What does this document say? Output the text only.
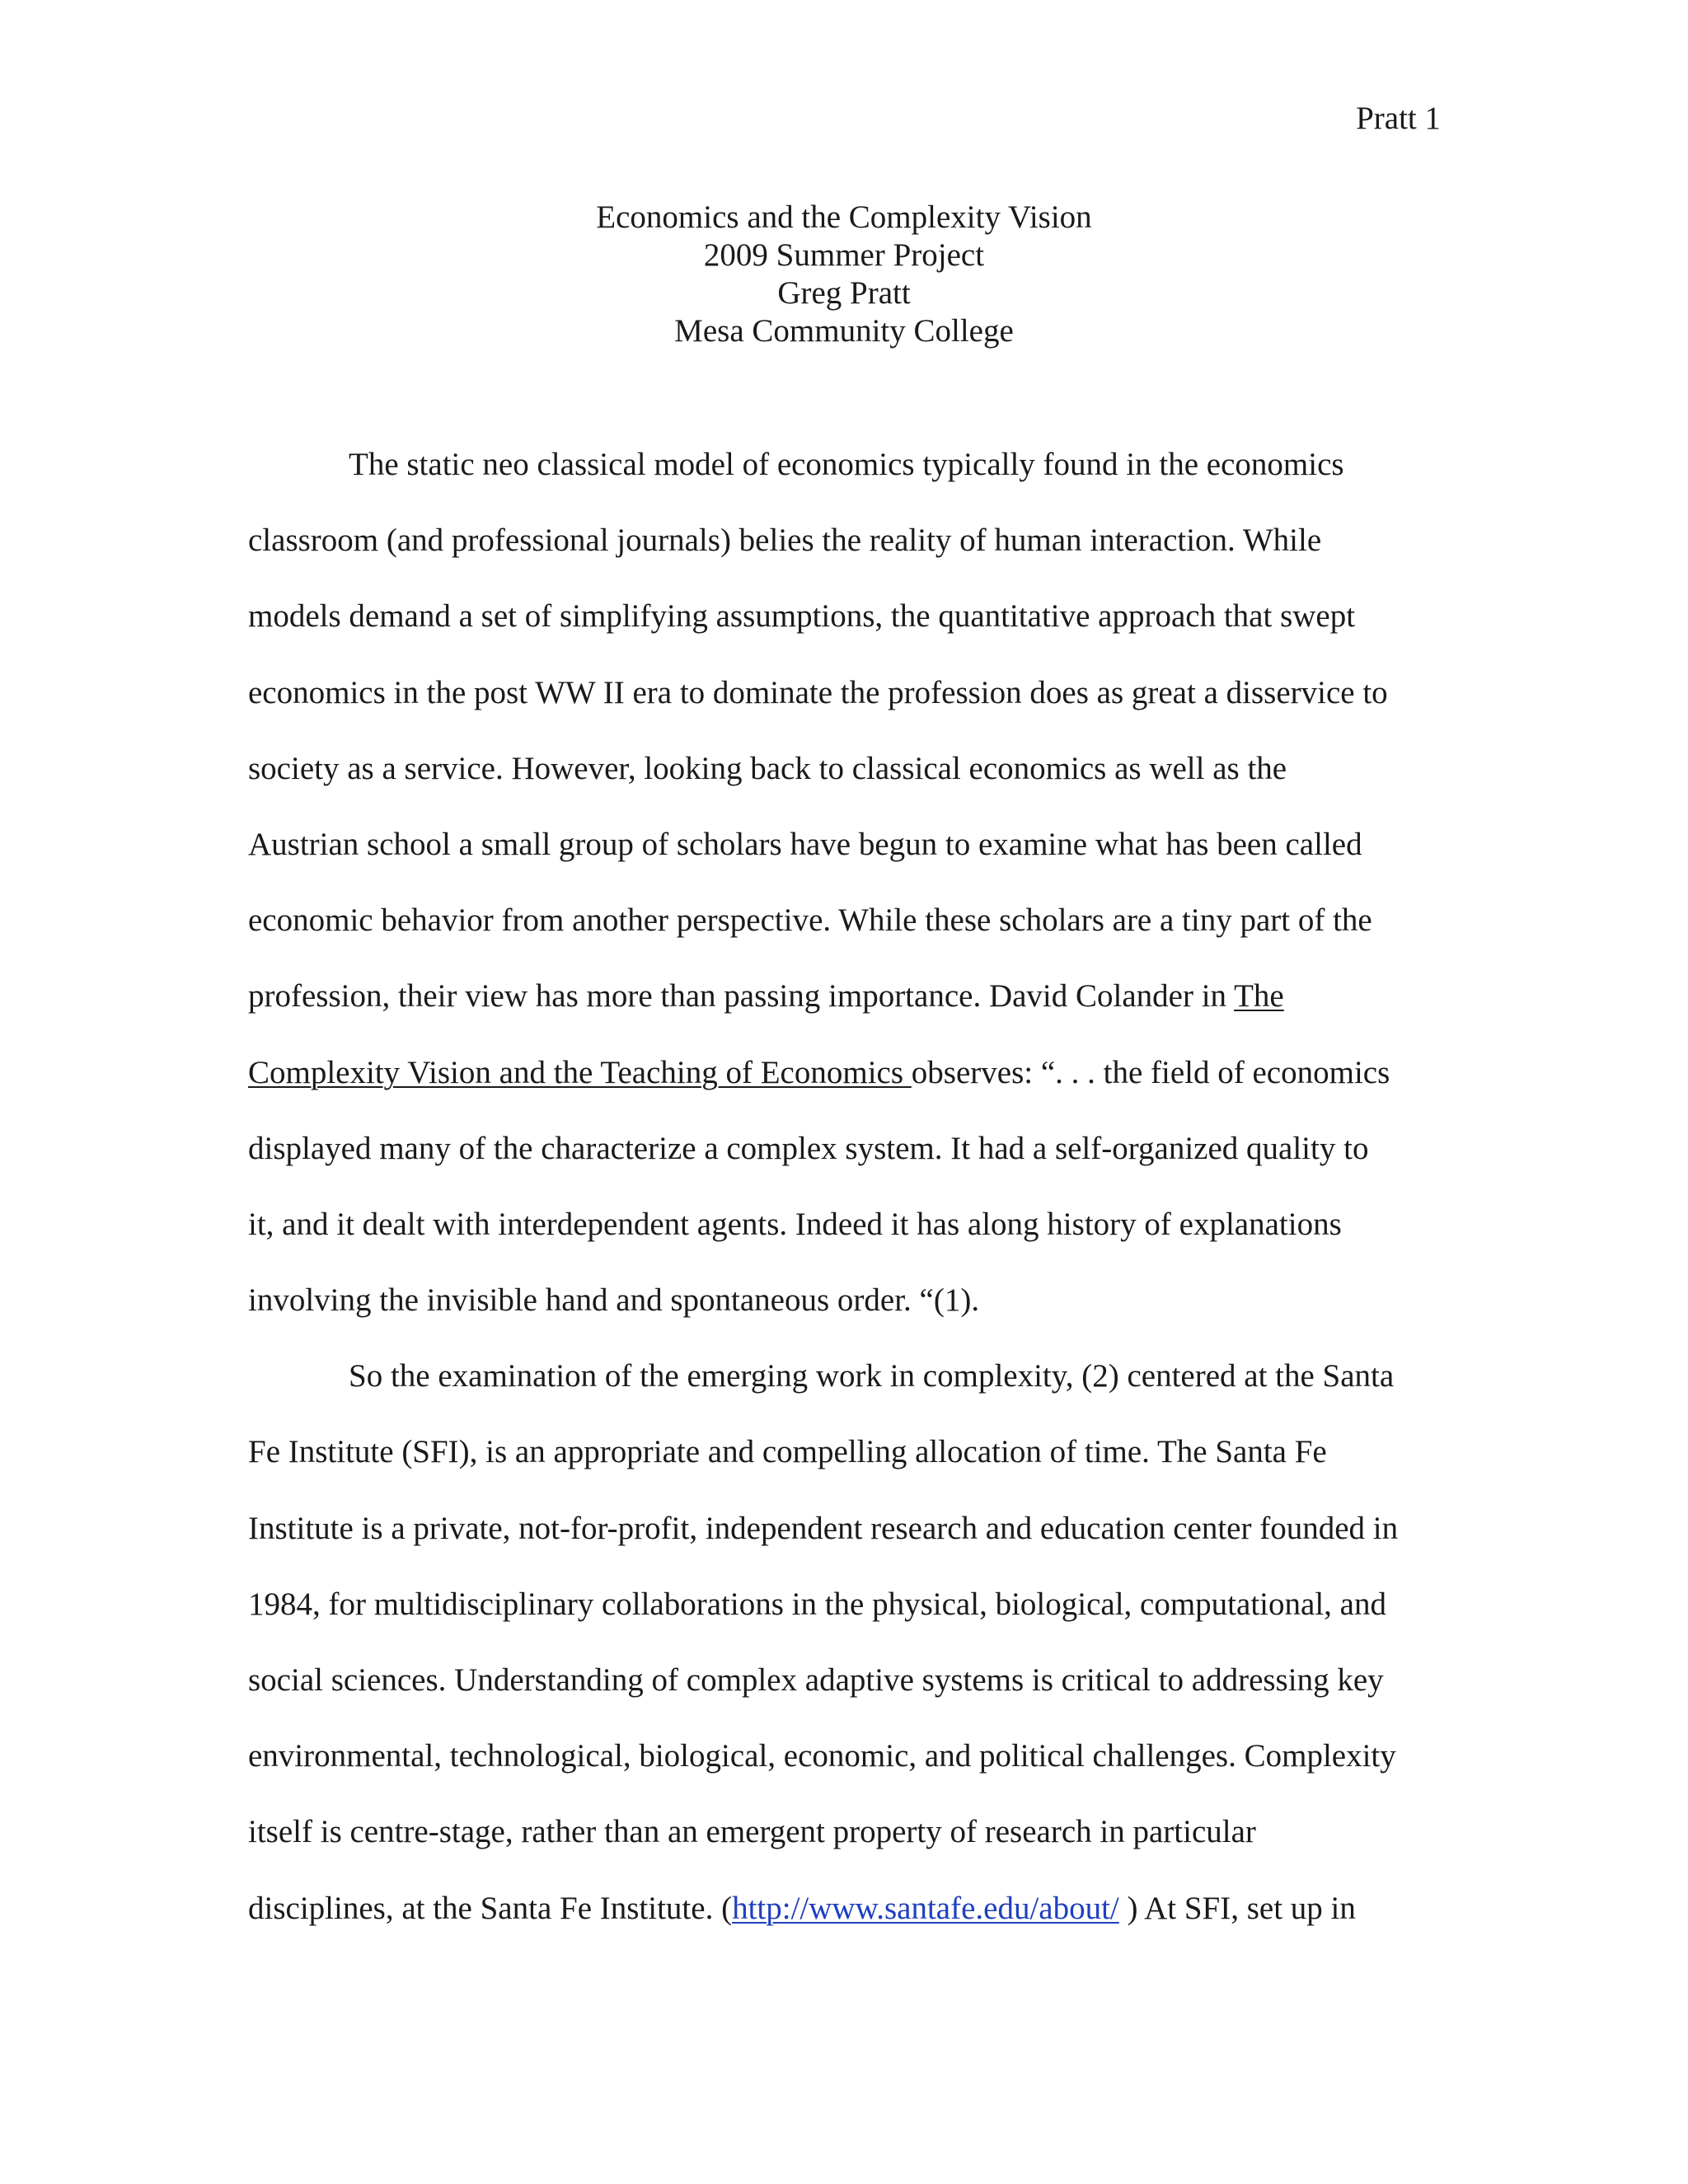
Pratt 1
Economics and the Complexity Vision
2009 Summer Project
Greg Pratt
Mesa Community College
The static neo classical model of economics typically found in the economics
classroom (and professional journals) belies the reality of human interaction. While
models demand a set of simplifying assumptions, the quantitative approach that swept
economics in the post WW II era to dominate the profession does as great a disservice to
society as a service. However, looking back to classical economics as well as the
Austrian school a small group of scholars have begun to examine what has been called
economic behavior from another perspective. While these scholars are a tiny part of the
profession, their view has more than passing importance. David Colander in The
Complexity Vision and the Teaching of Economics observes: “. . . the field of economics
displayed many of the characterize a complex system. It had a self-organized quality to
it, and it dealt with interdependent agents. Indeed it has along history of explanations
involving the invisible hand and spontaneous order. “(1).
So the examination of the emerging work in complexity, (2) centered at the Santa
Fe Institute (SFI), is an appropriate and compelling allocation of time. The Santa Fe
Institute is a private, not-for-profit, independent research and education center founded in
1984, for multidisciplinary collaborations in the physical, biological, computational, and
social sciences. Understanding of complex adaptive systems is critical to addressing key
environmental, technological, biological, economic, and political challenges. Complexity
itself is centre-stage, rather than an emergent property of research in particular
disciplines, at the Santa Fe Institute. (http://www.santafe.edu/about/ ) At SFI, set up in
